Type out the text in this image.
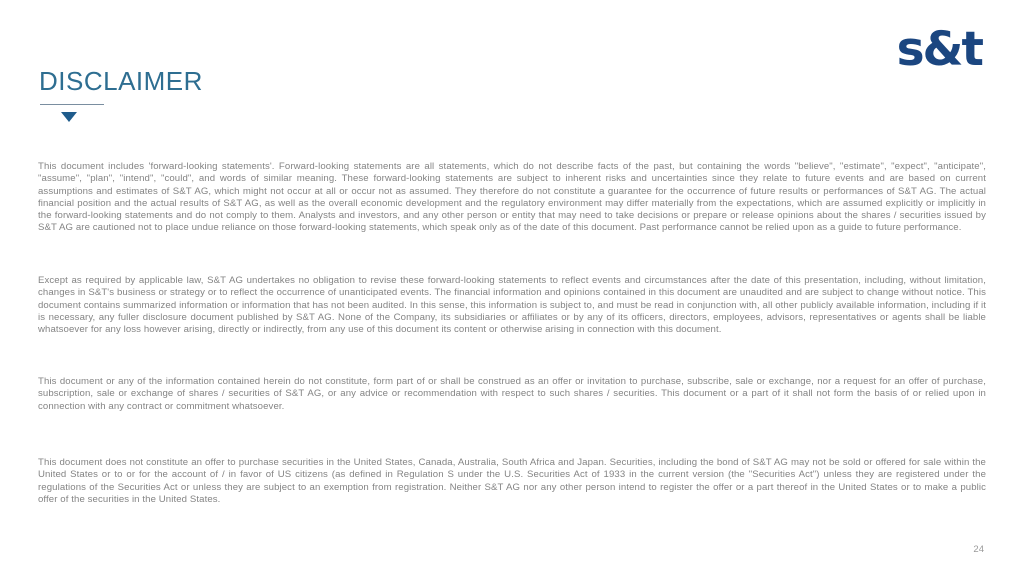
DISCLAIMER
s&t

This document includes 'forward-looking statements'. Forward-looking statements are all statements, which do not describe facts of the past, but containing the words "believe", "estimate", "expect", "anticipate", "assume", "plan", "intend", "could", and words of similar meaning. These forward-looking statements are subject to inherent risks and uncertainties since they relate to future events and are based on current assumptions and estimates of S&T AG, which might not occur at all or occur not as assumed. They therefore do not constitute a guarantee for the occurrence of future results or performances of S&T AG. The actual financial position and the actual results of S&T AG, as well as the overall economic development and the regulatory environment may differ materially from the expectations, which are assumed explicitly or implicitly in the forward-looking statements and do not comply to them. Analysts and investors, and any other person or entity that may need to take decisions or prepare or release opinions about the shares / securities issued by S&T AG are cautioned not to place undue reliance on those forward-looking statements, which speak only as of the date of this document. Past performance cannot be relied upon as a guide to future performance.

Except as required by applicable law, S&T AG undertakes no obligation to revise these forward-looking statements to reflect events and circumstances after the date of this presentation, including, without limitation, changes in S&T's business or strategy or to reflect the occurrence of unanticipated events. The financial information and opinions contained in this document are unaudited and are subject to change without notice. This document contains summarized information or information that has not been audited. In this sense, this information is subject to, and must be read in conjunction with, all other publicly available information, including if it is necessary, any fuller disclosure document published by S&T AG. None of the Company, its subsidiaries or affiliates or by any of its officers, directors, employees, advisors, representatives or agents shall be liable whatsoever for any loss however arising, directly or indirectly, from any use of this document its content or otherwise arising in connection with this document.

This document or any of the information contained herein do not constitute, form part of or shall be construed as an offer or invitation to purchase, subscribe, sale or exchange, nor a request for an offer of purchase, subscription, sale or exchange of shares / securities of S&T AG, or any advice or recommendation with respect to such shares / securities. This document or a part of it shall not form the basis of or relied upon in connection with any contract or commitment whatsoever.

This document does not constitute an offer to purchase securities in the United States, Canada, Australia, South Africa and Japan. Securities, including the bond of S&T AG may not be sold or offered for sale within the United States or to or for the account of / in favor of US citizens (as defined in Regulation S under the U.S. Securities Act of 1933 in the current version (the "Securities Act") unless they are registered under the regulations of the Securities Act or unless they are subject to an exemption from registration. Neither S&T AG nor any other person intend to register the offer or a part thereof in the United States or to make a public offer of the securities in the United States.

24
